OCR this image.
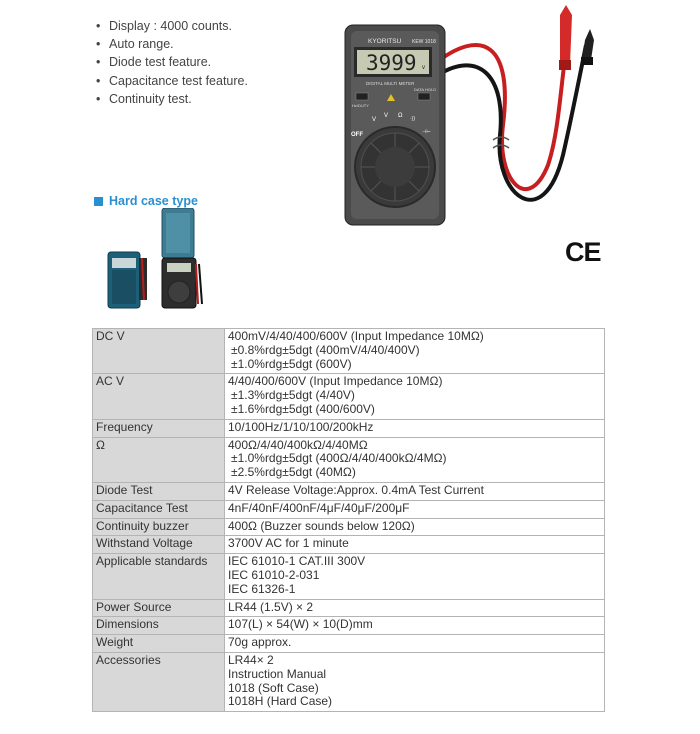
• Display : 4000 counts.
• Auto range.
• Diode test feature.
• Capacitance test feature.
• Continuity test.
KYORITSU KEW 1018
3999 v
DIGITAL MULTI METER
DATA HOLD
Hz/DUTY
OFF
V
V Ω ·))
⊣⊢
CE
Hard case type
DC V	400mV/4/40/400/600V (Input Impedance 10MΩ)
±0.8%rdg±5dgt (400mV/4/40/400V)
±1.0%rdg±5dgt (600V)

AC V	4/40/400/600V (Input Impedance 10MΩ)
±1.3%rdg±5dgt (4/40V)
±1.6%rdg±5dgt (400/600V)

Frequency	10/100Hz/1/10/100/200kHz

Ω	400Ω/4/40/400kΩ/4/40MΩ
±1.0%rdg±5dgt (400Ω/4/40/400kΩ/4MΩ)
±2.5%rdg±5dgt (40MΩ)

Diode Test	4V Release Voltage:Approx. 0.4mA Test Current

Capacitance Test	4nF/40nF/400nF/4μF/40μF/200μF

Continuity buzzer	400Ω (Buzzer sounds below 120Ω)

Withstand Voltage	3700V AC for 1 minute

Applicable standards	IEC 61010-1 CAT.III 300V
IEC 61010-2-031
IEC 61326-1

Power Source	LR44 (1.5V) × 2

Dimensions	107(L) × 54(W) × 10(D)mm

Weight	70g approx.

Accessories	LR44× 2
Instruction Manual
1018 (Soft Case)
1018H (Hard Case)
